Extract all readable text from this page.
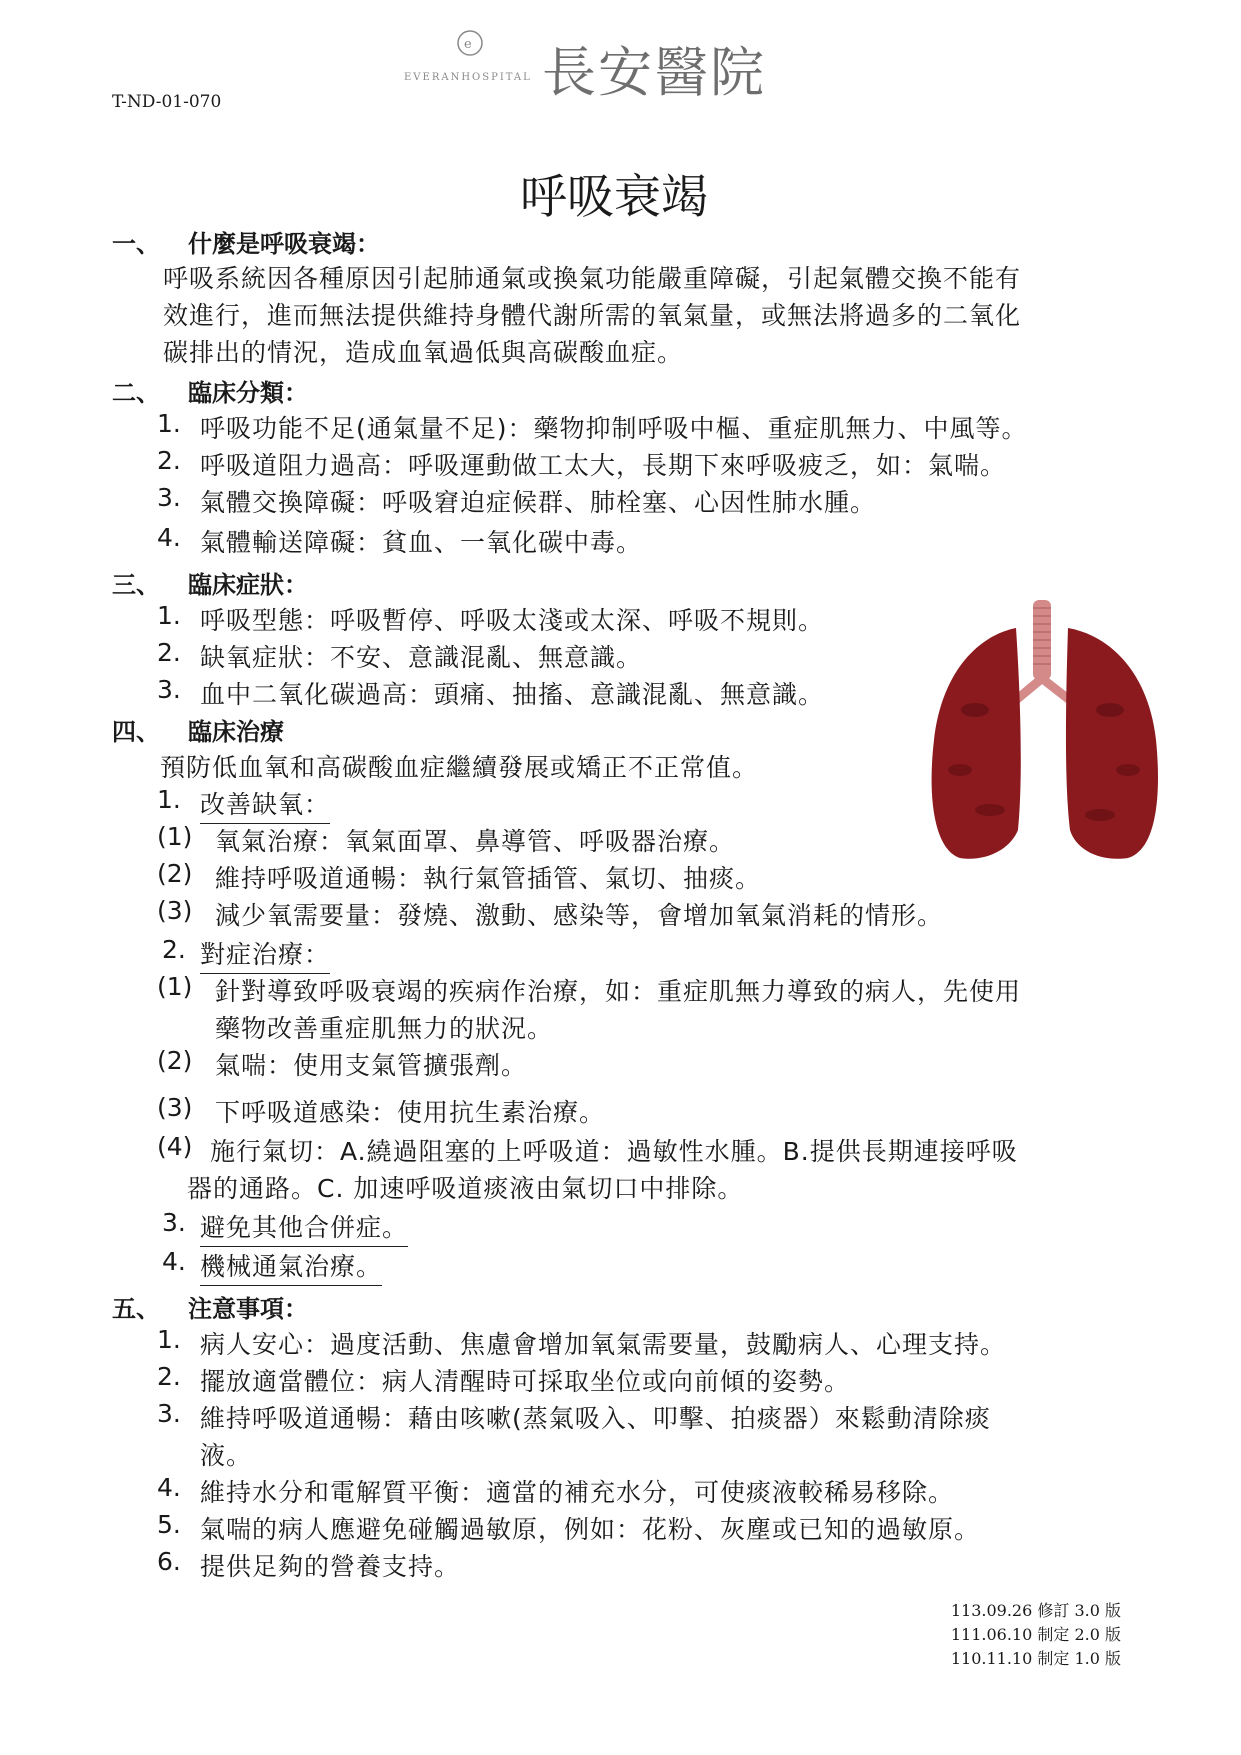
e
EVERANHOSPITAL 長安醫院
T-ND-01-070
呼吸衰竭
一、 什麼是呼吸衰竭：
呼吸系統因各種原因引起肺通氣或換氣功能嚴重障礙，引起氣體交換不能有
效進行，進而無法提供維持身體代謝所需的氧氣量，或無法將過多的二氧化
碳排出的情況，造成血氧過低與高碳酸血症。
二、 臨床分類：
1. 呼吸功能不足(通氣量不足)：藥物抑制呼吸中樞、重症肌無力、中風等。
2. 呼吸道阻力過高：呼吸運動做工太大，長期下來呼吸疲乏，如：氣喘。
3. 氣體交換障礙：呼吸窘迫症候群、肺栓塞、心因性肺水腫。
4. 氣體輸送障礙：貧血、一氧化碳中毒。
三、 臨床症狀：
1. 呼吸型態：呼吸暫停、呼吸太淺或太深、呼吸不規則。
2. 缺氧症狀：不安、意識混亂、無意識。
3. 血中二氧化碳過高：頭痛、抽搐、意識混亂、無意識。
四、 臨床治療
預防低血氧和高碳酸血症繼續發展或矯正不正常值。
1. 改善缺氧：
(1) 氧氣治療：氧氣面罩、鼻導管、呼吸器治療。
(2) 維持呼吸道通暢：執行氣管插管、氣切、抽痰。
(3) 減少氧需要量：發燒、激動、感染等，會增加氧氣消耗的情形。
2. 對症治療：
(1) 針對導致呼吸衰竭的疾病作治療，如：重症肌無力導致的病人，先使用
藥物改善重症肌無力的狀況。
(2) 氣喘：使用支氣管擴張劑。
(3) 下呼吸道感染：使用抗生素治療。
(4) 施行氣切：A.繞過阻塞的上呼吸道：過敏性水腫。B.提供長期連接呼吸
器的通路。C. 加速呼吸道痰液由氣切口中排除。
3. 避免其他合併症。
4. 機械通氣治療。
五、 注意事項：
1. 病人安心：過度活動、焦慮會增加氧氣需要量，鼓勵病人、心理支持。
2. 擺放適當體位：病人清醒時可採取坐位或向前傾的姿勢。
3. 維持呼吸道通暢：藉由咳嗽(蒸氣吸入、叩擊、拍痰器）來鬆動清除痰
液。
4. 維持水分和電解質平衡：適當的補充水分，可使痰液較稀易移除。
5. 氣喘的病人應避免碰觸過敏原，例如：花粉、灰塵或已知的過敏原。
6. 提供足夠的營養支持。
113.09.26 修訂 3.0 版
111.06.10 制定 2.0 版
110.11.10 制定 1.0 版
